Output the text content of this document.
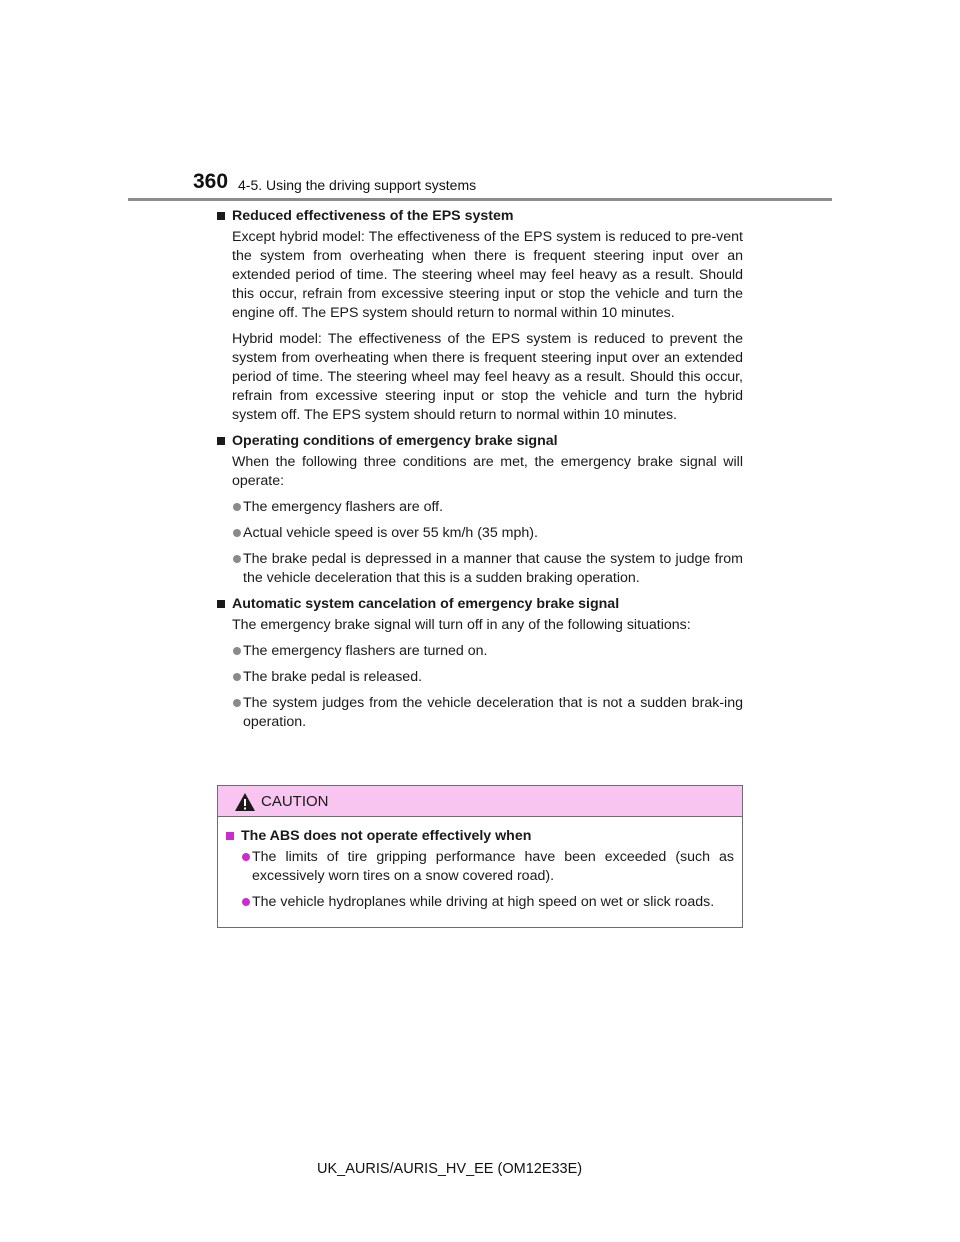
360 4-5. Using the driving support systems
Reduced effectiveness of the EPS system

Except hybrid model: The effectiveness of the EPS system is reduced to pre-vent the system from overheating when there is frequent steering input over an extended period of time. The steering wheel may feel heavy as a result. Should this occur, refrain from excessive steering input or stop the vehicle and turn the engine off. The EPS system should return to normal within 10 minutes.

Hybrid model: The effectiveness of the EPS system is reduced to prevent the system from overheating when there is frequent steering input over an extended period of time. The steering wheel may feel heavy as a result. Should this occur, refrain from excessive steering input or stop the vehicle and turn the hybrid system off. The EPS system should return to normal within 10 minutes.

Operating conditions of emergency brake signal

When the following three conditions are met, the emergency brake signal will operate:

The emergency flashers are off.
Actual vehicle speed is over 55 km/h (35 mph).
The brake pedal is depressed in a manner that cause the system to judge from the vehicle deceleration that this is a sudden braking operation.
Automatic system cancelation of emergency brake signal

The emergency brake signal will turn off in any of the following situations:

The emergency flashers are turned on.
The brake pedal is released.
The system judges from the vehicle deceleration that is not a sudden brak-ing operation.
CAUTION
The ABS does not operate effectively when
The limits of tire gripping performance have been exceeded (such as excessively worn tires on a snow covered road).
The vehicle hydroplanes while driving at high speed on wet or slick roads.
UK_AURIS/AURIS_HV_EE (OM12E33E)
